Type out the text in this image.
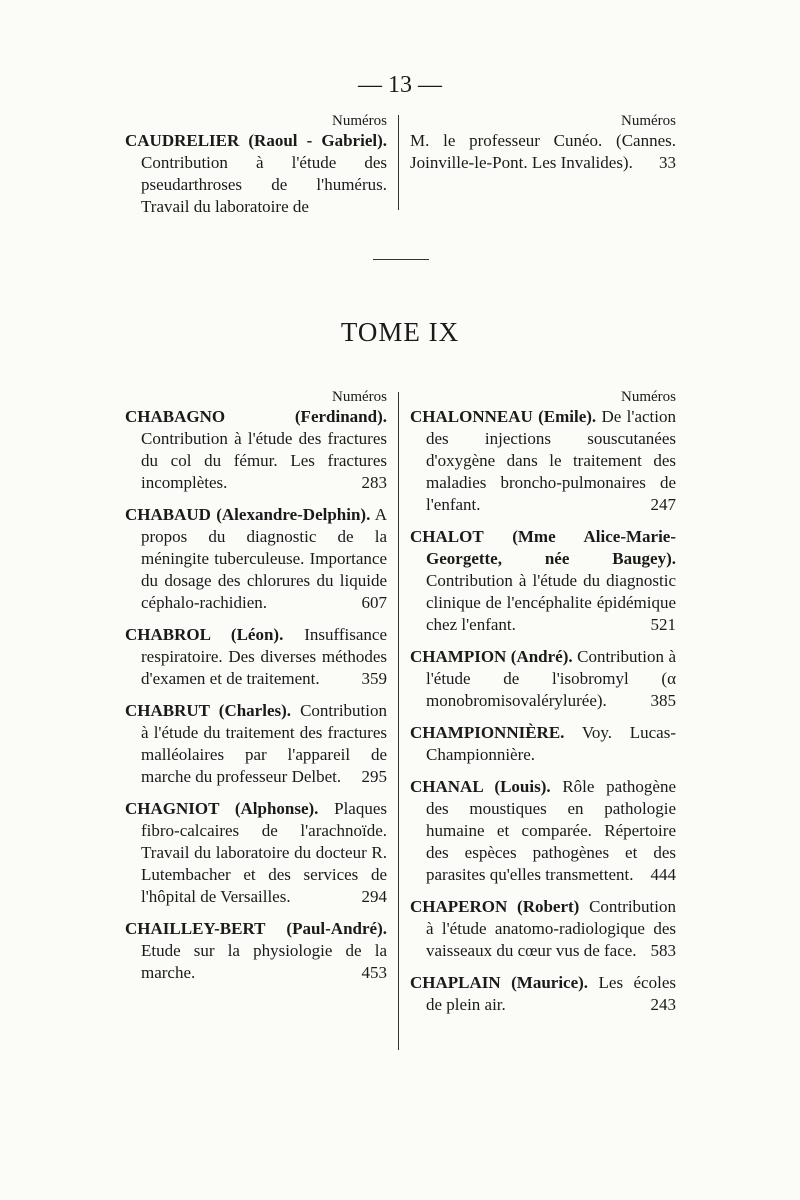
— 13 —
Numéros

CAUDRELIER (Raoul - Gabriel). Contribution à l'étude des pseudarthroses de l'humérus. Travail du laboratoire de

Numéros

M. le professeur Cunéo. (Cannes. Joinville-le-Pont. Les Invalides). 33

TOME IX
Numéros

CHABAGNO (Ferdinand). Contribution à l'étude des fractures du col du fémur. Les fractures incomplètes.	283

CHABAUD (Alexandre-Delphin). A propos du diagnostic de la méningite tuberculeuse. Importance du dosage des chlorures du liquide céphalo-rachidien.	607

CHABROL (Léon). Insuffisance respiratoire. Des diverses méthodes d'examen et de traitement. 359

CHABRUT (Charles). Contribution à l'étude du traitement des fractures malléolaires par l'appareil de marche du professeur Delbet. 295

CHAGNIOT (Alphonse). Plaques fibro-calcaires de l'arachnoïde. Travail du laboratoire du docteur R. Lutembacher et des services de l'hôpital de Versailles.	294

CHAILLEY-BERT (Paul-André). Etude sur la physiologie de la marche.	453

Numéros

CHALONNEAU (Emile). De l'action des injections souscutanées d'oxygène dans le traitement des maladies broncho-pulmonaires de l'enfant.	247

CHALOT (Mme Alice-Marie-Georgette, née Baugey). Contribution à l'étude du diagnostic clinique de l'encéphalite épidémique chez l'enfant.	521

CHAMPION (André). Contribution à l'étude de l'isobromyl (α monobromisovalérylurée).	385

CHAMPIONNIÈRE. Voy. Lucas-Championnière.

CHANAL (Louis). Rôle pathogène des moustiques en pathologie humaine et comparée. Répertoire des espèces pathogènes et des parasites qu'elles transmettent. 444

CHAPERON (Robert) Contribution à l'étude anatomo-radiologique des vaisseaux du cœur vus de face. 583

CHAPLAIN (Maurice). Les écoles de plein air.	243
